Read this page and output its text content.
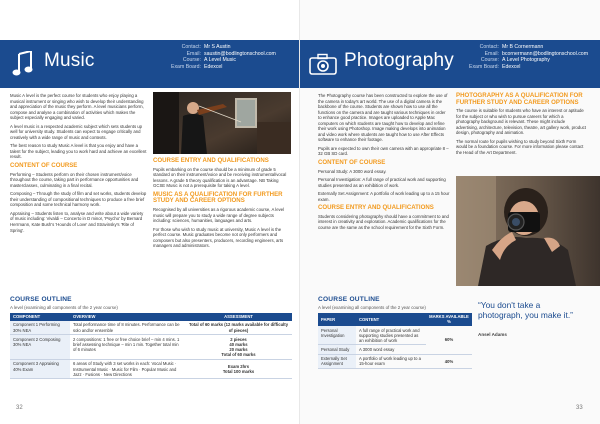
Music
Contact: Mr S Austin
Email: saustin@bodlingtonschool.com
Course: A Level Music
Exam Board: Edexcel

Music A level is the perfect course for students who enjoy playing a musical instrument or singing who wish to develop their understanding and appreciation of the music they perform. A level musicians perform, compose and analyse a combination of activities which makes the subject especially engaging and varied.

A level music is a respected academic subject which sets students up well for university study. Students can expect to engage critically and creatively with a wide range of music and contexts.

The best reason to study Music A level is that you enjoy and have a talent for the subject, leading you to work hard and achieve an excellent result.

CONTENT OF COURSE

Performing – Students perform on their chosen instrument/voice throughout the course, taking part in performance opportunities and masterclasses, culminating in a final recital.

Composing – Through the study of film and set works, students develop their understanding of compositional techniques to produce a free brief composition and some technical harmony work.

Appraising – Students listen to, analyse and write about a wide variety of music including: Vivaldi – Concerto in D minor, 'Psycho' by Bernard Herrmann, Kate Bush's 'Hounds of Love' and Stravinsky's 'Rite of Spring'.

COURSE ENTRY AND QUALIFICATIONS

Pupils embarking on the course should be a minimum of grade 5 standard on their instrument/voice and be receiving instrumental/vocal lessons. A grade 5 theory qualification is an advantage. NB Taking GCSE Music is not a prerequisite for taking A level.

MUSIC AS A QUALIFICATION FOR FURTHER STUDY AND CAREER OPTIONS

Recognised by all universities as a rigorous academic course, A level music will prepare you to study a wide range of degree subjects including: sciences, humanities, languages and arts.

For those who wish to study music at university, Music A level is the perfect course. Music graduates become not only performers and composers but also presenters, producers, recording engineers, arts managers and administrators.

COURSE OUTLINE
A level (examining all components of the 2 year course)
COMPONENT	OVERVIEW	ASSESSMENT
Component 1 Performing 30% NEA	Total performance time of 8 minutes. Performance can be solo and/or ensemble	Total of 60 marks (12 marks available for difficulty of pieces)
Component 2 Composing 30% NEA	2 compositions: 1 free or free choice brief – min 4 mins. 1 brief assessing technique – min 1 min. Together total min of 6 minutes	2 pieces
40 marks
20 marks
Total of 60 marks
Component 3 Appraising 40% Exam	6 areas of Study with 3 set works in each: Vocal Music · Instrumental Music · Music for Film · Popular Music and Jazz · Fusions · New Directions	Exam 2hrs
Total 100 marks
32
Photography
Contact: Mr B Cornermann
Email: bcornermann@bodlingtonschool.com
Course: A Level Photography
Exam Board: Edexcel

The Photography course has been constructed to explore the use of the camera in today's art world. The use of a digital camera is the backbone of the course. Students are shown how to use all the functions on the camera and are taught various techniques in order to enhance good practice. Images are uploaded to Apple Mac computers on which students are taught how to develop and refine their work using Photoshop. Image making develops into animation and video work where students are taught how to use After Effects software to enhance their footage.

Pupils are expected to own their own camera with an appropriate 8 – 32 GB SD card.

CONTENT OF COURSE

Personal Study: A 3000 word essay.

Personal Investigation: A full range of practical work and supporting studies presented as an exhibition of work.

Externally Set Assignment: A portfolio of work leading up to a 15 hour exam.

COURSE ENTRY AND QUALIFICATIONS

Students considering photography should have a commitment to and interest in creativity and exploration. Academic qualifications for the course are the same as the school requirement for the Sixth Form.

PHOTOGRAPHY AS A QUALIFICATION FOR FURTHER STUDY AND CAREER OPTIONS

The course is suitable for students who have an interest or aptitude for the subject or who wish to pursue careers for which a photography background is relevant. These might include advertising, architecture, television, theatre, art gallery work, product design, photography and animation.

The normal route for pupils wishing to study beyond Sixth Form would be a foundation course. For more information please contact the Head of the Art Department.

COURSE OUTLINE
A level (examining all components of the 2 year course)
PAPER	CONTENT	MARKS AVAILABLE %
Personal Investigation	A full range of practical work and supporting studies presented as an exhibition of work	60%
Personal Study	A 3000 word essay	
Externally Set Assignment	A portfolio of work leading up to a 15-hour exam	40%
33
“You don't take a photograph, you make it.”
Ansel Adams
